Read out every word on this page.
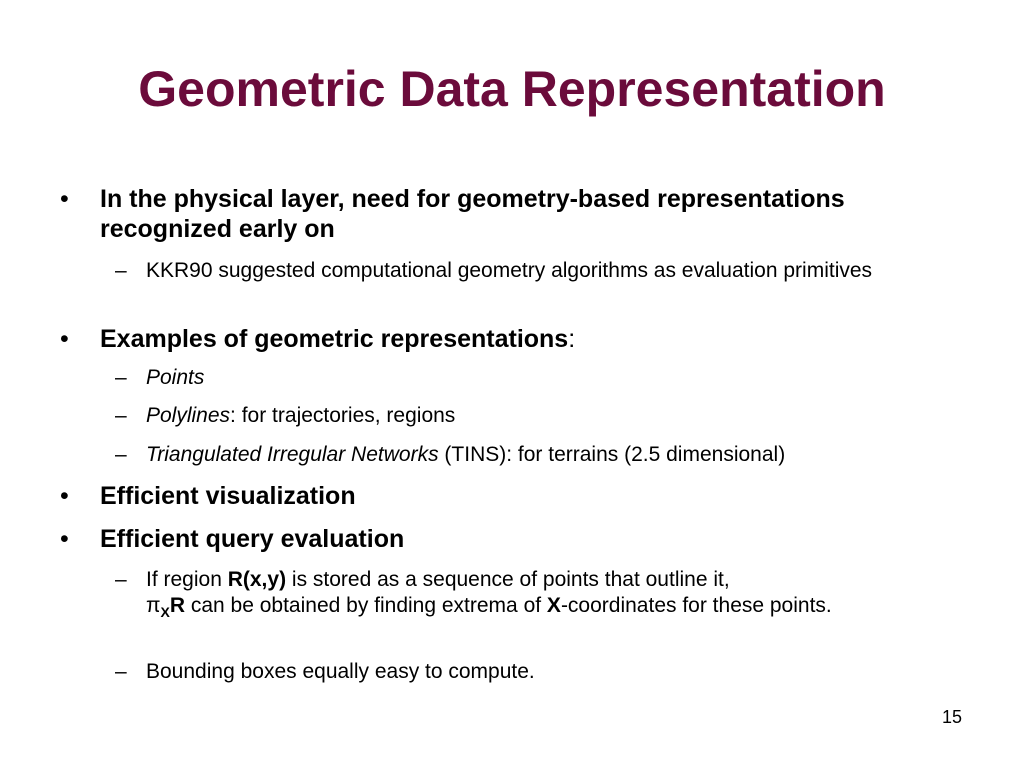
Geometric Data Representation
• In the physical layer, need for geometry-based representations recognized early on
– KKR90 suggested computational geometry algorithms as evaluation primitives
• Examples of geometric representations:
– Points
– Polylines: for trajectories, regions
– Triangulated Irregular Networks (TINS): for terrains (2.5 dimensional)
• Efficient visualization
• Efficient query evaluation
– If region R(x,y) is stored as a sequence of points that outline it,
$\pi_XR$ can be obtained by finding extrema of X-coordinates for these points.
– Bounding boxes equally easy to compute.
15
